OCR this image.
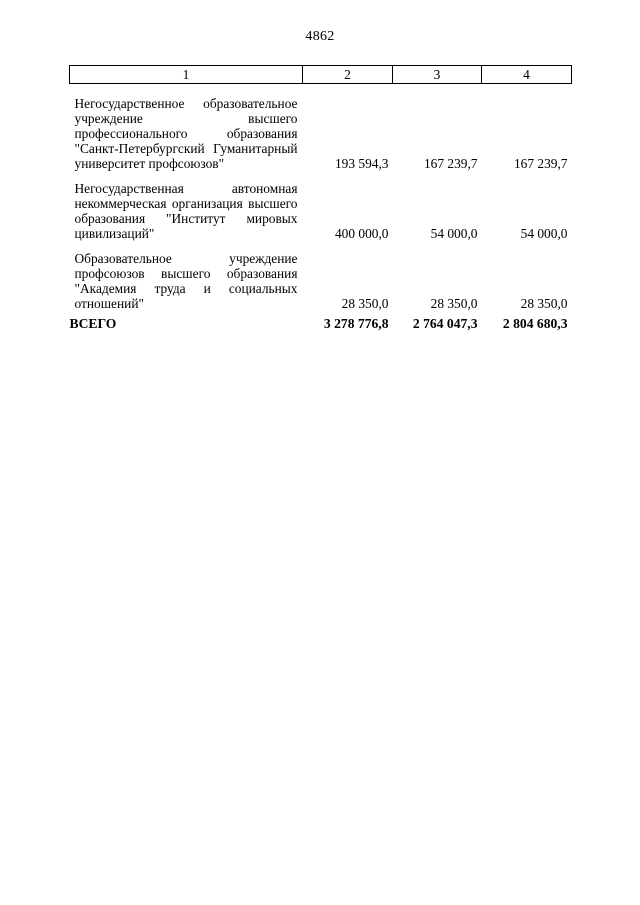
4862
1	2	3	4
Негосударственное образовательное учреждение высшего профессионального образования "Санкт-Петербургский Гуманитарный университет профсоюзов"	193 594,3	167 239,7	167 239,7
Негосударственная автономная некоммерческая организация высшего образования "Институт мировых цивилизаций"	400 000,0	54 000,0	54 000,0
Образовательное учреждение профсоюзов высшего образования "Академия труда и социальных отношений"	28 350,0	28 350,0	28 350,0
ВСЕГО	3 278 776,8	2 764 047,3	2 804 680,3
